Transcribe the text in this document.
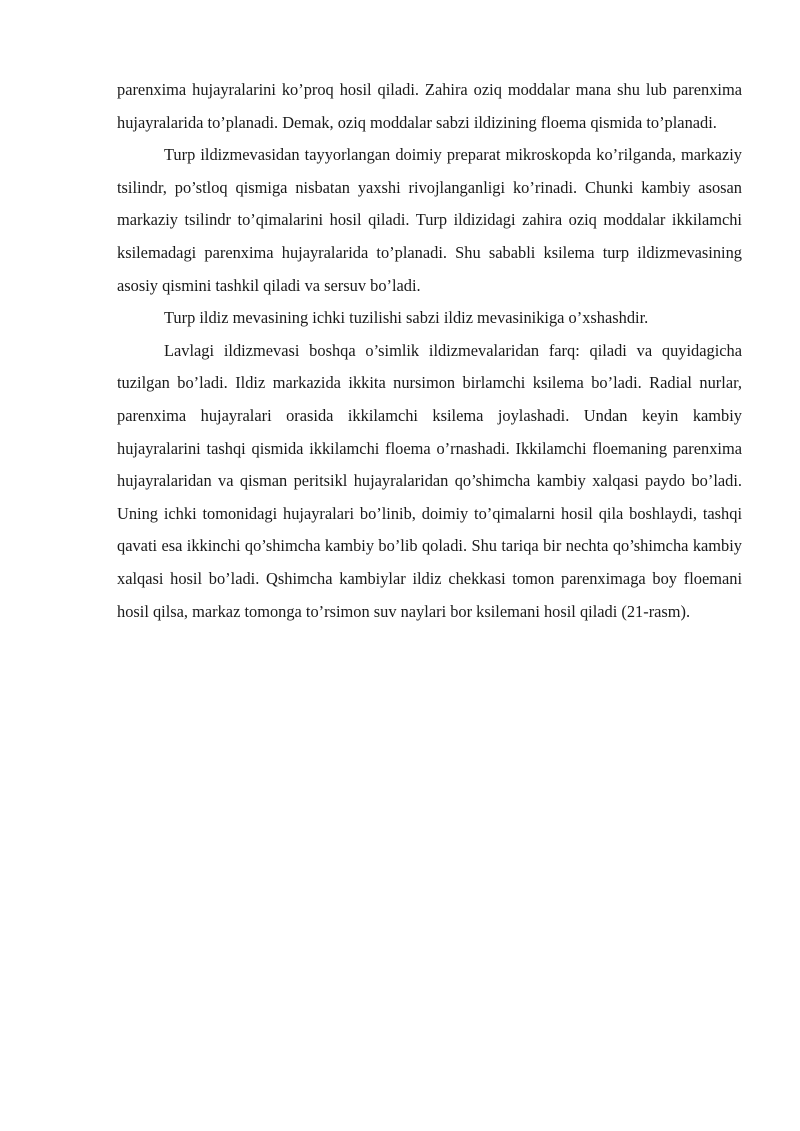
parenxima hujayralarini ko’proq hosil qiladi. Zahira oziq moddalar mana shu lub parenxima hujayralarida to’planadi. Demak, oziq moddalar sabzi ildizining floema qismida to’planadi.

Turp ildizmevasidan tayyorlangan doimiy preparat mikroskopda ko’rilganda, markaziy tsilindr, po’stloq qismiga nisbatan yaxshi rivojlanganligi ko’rinadi. Chunki kambiy asosan markaziy tsilindr to’qimalarini hosil qiladi. Turp ildizidagi zahira oziq moddalar ikkilamchi ksilemadagi parenxima hujayralarida to’planadi. Shu sababli ksilema turp ildizmevasining asosiy qismini tashkil qiladi va sersuv bo’ladi.

Turp ildiz mevasining ichki tuzilishi sabzi ildiz mevasinikiga o’xshashdir.

Lavlagi ildizmevasi boshqa o’simlik ildizmevalaridan farq: qiladi va quyidagicha tuzilgan bo’ladi. Ildiz markazida ikkita nursimon birlamchi ksilema bo’ladi. Radial nurlar, parenxima hujayralari orasida ikkilamchi ksilema joylashadi. Undan keyin kambiy hujayralarini tashqi qismida ikkilamchi floema o’rnashadi. Ikkilamchi floemaning parenxima hujayralaridan va qisman peritsikl hujayralaridan qo’shimcha kambiy xalqasi paydo bo’ladi. Uning ichki tomonidagi hujayralari bo’linib, doimiy to’qimalarni hosil qila boshlaydi, tashqi qavati esa ikkinchi qo’shimcha kambiy bo’lib qoladi. Shu tariqa bir nechta qo’shimcha kambiy xalqasi hosil bo’ladi. Qshimcha kambiylar ildiz chekkasi tomon parenximaga boy floemani hosil qilsa, markaz tomonga to’rsimon suv naylari bor ksilemani hosil qiladi (21-rasm).
